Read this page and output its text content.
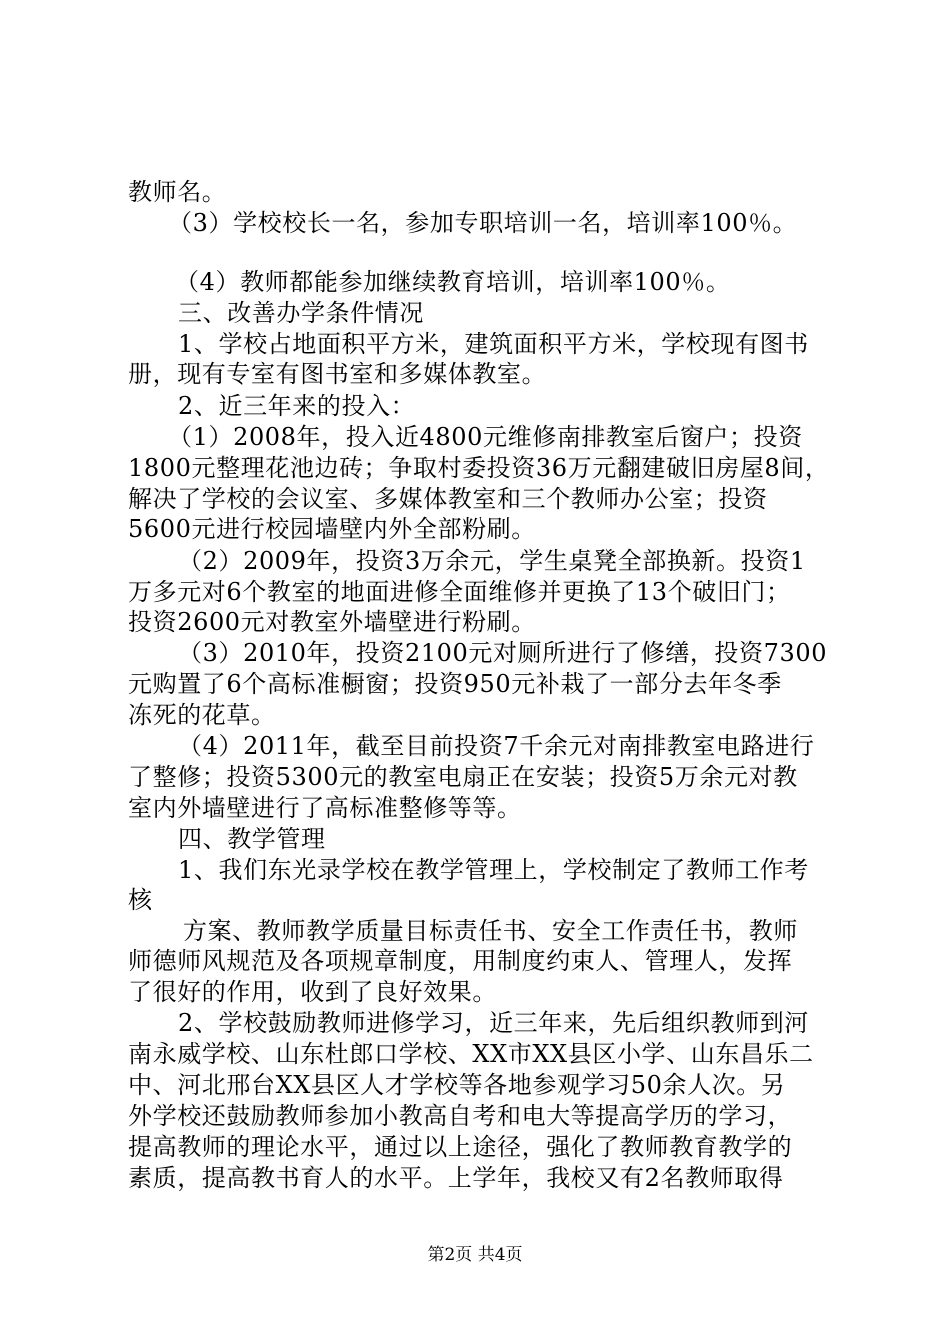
教师名。

（3）学校校长一名，参加专职培训一名，培训率100％。

（4）教师都能参加继续教育培训，培训率100％。

三、改善办学条件情况

1、学校占地面积平方米，建筑面积平方米，学校现有图书

册，现有专室有图书室和多媒体教室。

2、近三年来的投入：

（1）2008年，投入近4800元维修南排教室后窗户；投资

1800元整理花池边砖；争取村委投资36万元翻建破旧房屋8间，

解决了学校的会议室、多媒体教室和三个教师办公室；投资

5600元进行校园墙壁内外全部粉刷。

（2）2009年，投资3万余元，学生桌凳全部换新。投资1

万多元对6个教室的地面进修全面维修并更换了13个破旧门；

投资2600元对教室外墙壁进行粉刷。

（3）2010年，投资2100元对厕所进行了修缮，投资7300

元购置了6个高标准橱窗；投资950元补栽了一部分去年冬季

冻死的花草。

（4）2011年，截至目前投资7千余元对南排教室电路进行

了整修；投资5300元的教室电扇正在安装；投资5万余元对教

室内外墙壁进行了高标准整修等等。

四、教学管理

1、我们东光录学校在教学管理上，学校制定了教师工作考

核

方案、教师教学质量目标责任书、安全工作责任书，教师

师德师风规范及各项规章制度，用制度约束人、管理人，发挥

了很好的作用，收到了良好效果。

2、学校鼓励教师进修学习，近三年来，先后组织教师到河

南永威学校、山东杜郎口学校、XX市XX县区小学、山东昌乐二

中、河北邢台XX县区人才学校等各地参观学习50余人次。另

外学校还鼓励教师参加小教高自考和电大等提高学历的学习，

提高教师的理论水平，通过以上途径，强化了教师教育教学的

素质，提高教书育人的水平。上学年，我校又有2名教师取得

第2页 共4页
